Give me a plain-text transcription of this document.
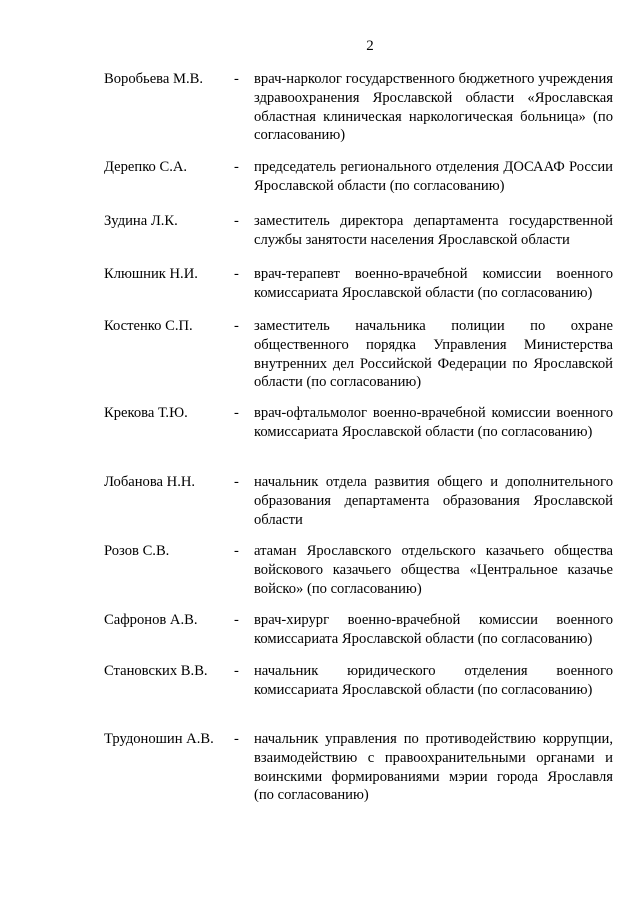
2
Воробьева М.В. - врач-нарколог государственного бюджетного учреждения здравоохранения Ярославской области «Ярославская областная клиническая наркологическая больница» (по согласованию)
Дерепко С.А.	- председатель регионального отделения ДОСААФ России Ярославской области (по согласованию)
Зудина Л.К.	- заместитель директора департамента государственной службы занятости населения Ярославской области
Клюшник Н.И. - врач-терапевт военно-врачебной комиссии военного комиссариата Ярославской области (по согласованию)
Костенко С.П.	- заместитель начальника полиции по охране общественного порядка Управления Министерства внутренних дел Российской Федерации по Ярославской области (по согласованию)
Крекова Т.Ю.	- врач-офтальмолог военно-врачебной комиссии военного комиссариата Ярославской области (по согласованию)
Лобанова Н.Н.	- начальник отдела развития общего и дополнительного образования департамента образования Ярославской области
Розов С.В.	- атаман Ярославского отдельского казачьего общества войскового казачьего общества «Центральное казачье войско» (по согласованию)
Сафронов А.В.	- врач-хирург военно-врачебной комиссии военного комиссариата Ярославской области (по согласованию)
Становских В.В. - начальник юридического отделения военного комиссариата Ярославской области (по согласованию)
Трудоношин А.В. - начальник управления по противодействию коррупции, взаимодействию с правоохранительными органами и воинскими формированиями мэрии города Ярославля (по согласованию)
